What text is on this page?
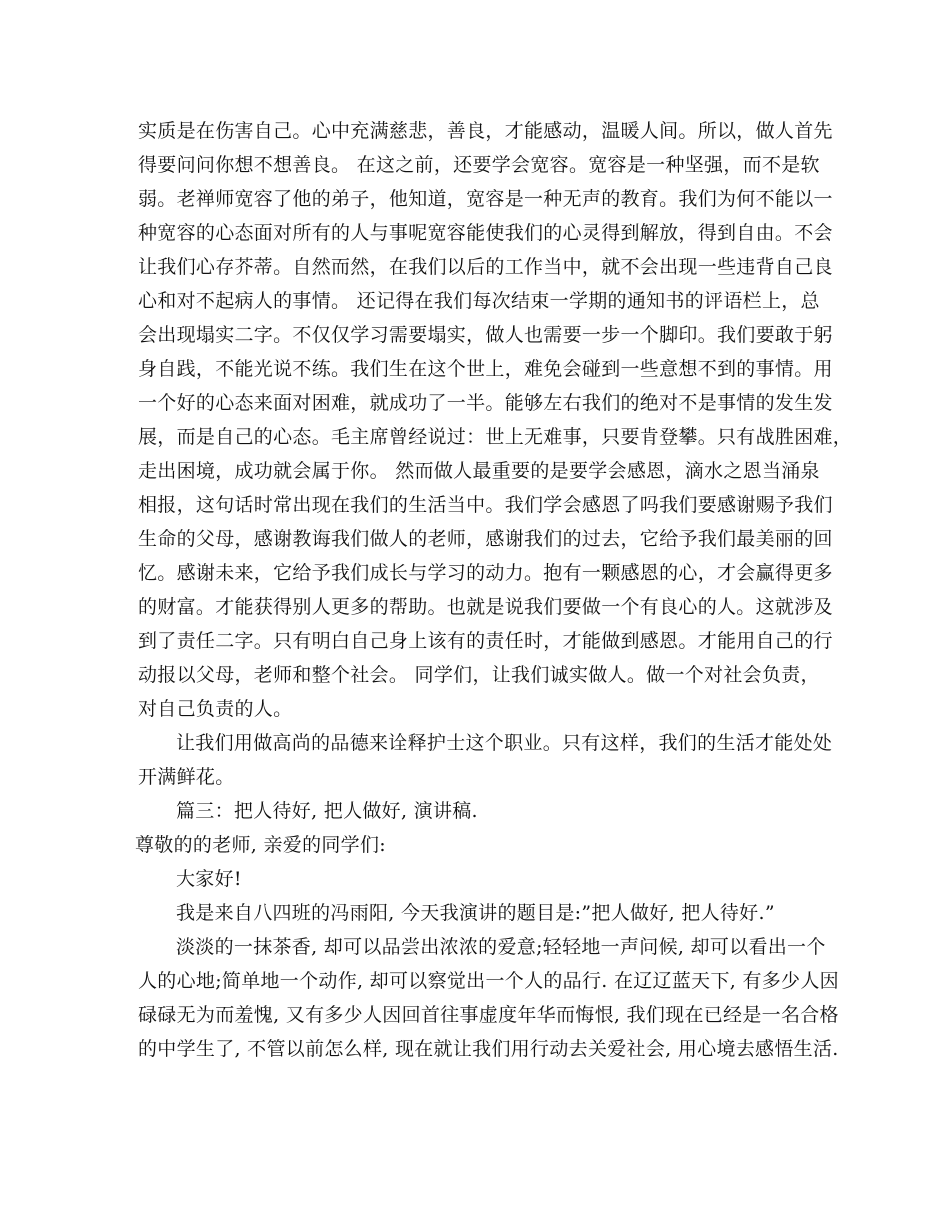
实质是在伤害自己。心中充满慈悲，善良，才能感动，温暖人间。所以，做人首先
得要问问你想不想善良。 在这之前，还要学会宽容。宽容是一种坚强，而不是软
弱。老禅师宽容了他的弟子，他知道，宽容是一种无声的教育。我们为何不能以一
种宽容的心态面对所有的人与事呢宽容能使我们的心灵得到解放，得到自由。不会
让我们心存芥蒂。自然而然，在我们以后的工作当中，就不会出现一些违背自己良
心和对不起病人的事情。 还记得在我们每次结束一学期的通知书的评语栏上，总
会出现塌实二字。不仅仅学习需要塌实，做人也需要一步一个脚印。我们要敢于躬
身自践，不能光说不练。我们生在这个世上，难免会碰到一些意想不到的事情。用
一个好的心态来面对困难，就成功了一半。能够左右我们的绝对不是事情的发生发
展，而是自己的心态。毛主席曾经说过：世上无难事，只要肯登攀。只有战胜困难，
走出困境，成功就会属于你。 然而做人最重要的是要学会感恩，滴水之恩当涌泉
相报，这句话时常出现在我们的生活当中。我们学会感恩了吗我们要感谢赐予我们
生命的父母，感谢教诲我们做人的老师，感谢我们的过去，它给予我们最美丽的回
忆。感谢未来，它给予我们成长与学习的动力。抱有一颗感恩的心，才会赢得更多
的财富。才能获得别人更多的帮助。也就是说我们要做一个有良心的人。这就涉及
到了责任二字。只有明白自己身上该有的责任时，才能做到感恩。才能用自己的行
动报以父母，老师和整个社会。 同学们，让我们诚实做人。做一个对社会负责，
对自己负责的人。
让我们用做高尚的品德来诠释护士这个职业。只有这样，我们的生活才能处处
开满鲜花。
篇三：把人待好, 把人做好, 演讲稿.
尊敬的的老师, 亲爱的同学们:
大家好!
我是来自八四班的冯雨阳, 今天我演讲的题目是:”把人做好, 把人待好.”
淡淡的一抹茶香, 却可以品尝出浓浓的爱意;轻轻地一声问候, 却可以看出一个
人的心地;简单地一个动作, 却可以察觉出一个人的品行. 在辽辽蓝天下, 有多少人因
碌碌无为而羞愧, 又有多少人因回首往事虚度年华而悔恨, 我们现在已经是一名合格
的中学生了, 不管以前怎么样, 现在就让我们用行动去关爱社会, 用心境去感悟生活.
